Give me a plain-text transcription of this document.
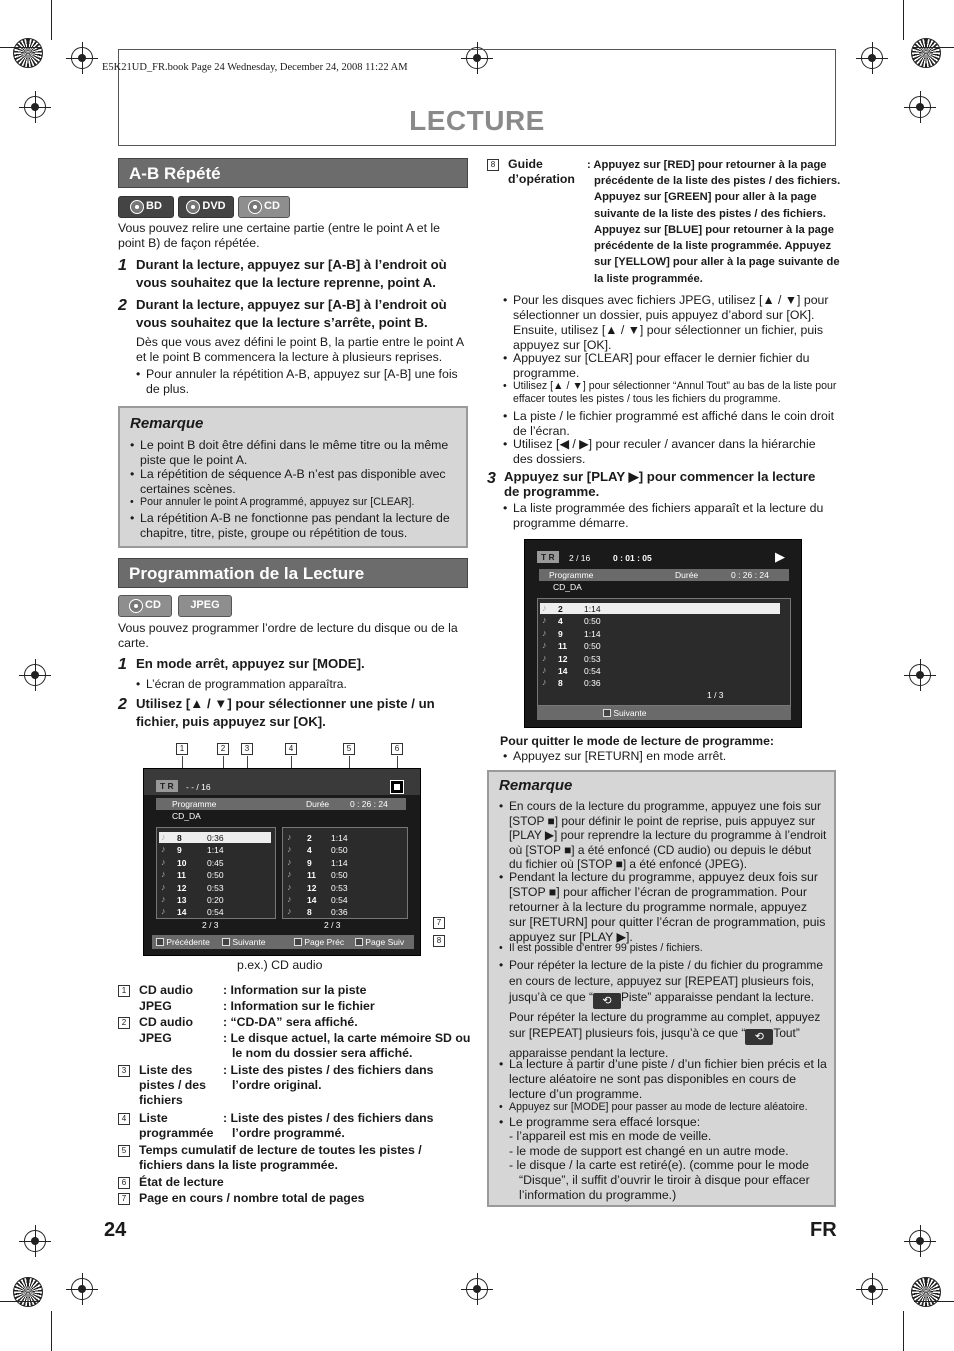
E5K21UD_FR.book Page 24 Wednesday, December 24, 2008 11:22 AM
LECTURE
A-B Répété
BD	DVD	CD
Vous pouvez relire une certaine partie (entre le point A et le point B) de façon répétée.
1 Durant la lecture, appuyez sur [A-B] à l’endroit où vous souhaitez que la lecture reprenne, point A.
2 Durant la lecture, appuyez sur [A-B] à l’endroit où vous souhaitez que la lecture s’arrête, point B.
Dès que vous avez défini le point B, la partie entre le point A et le point B commencera la lecture à plusieurs reprises.
• Pour annuler la répétition A-B, appuyez sur [A-B] une fois de plus.
Remarque
• Le point B doit être défini dans le même titre ou la même piste que le point A.
• La répétition de séquence A-B n’est pas disponible avec certaines scènes.
• Pour annuler le point A programmé, appuyez sur [CLEAR].
• La répétition A-B ne fonctionne pas pendant la lecture de chapitre, titre, piste, groupe ou répétition de tous.
Programmation de la Lecture
CD	JPEG
Vous pouvez programmer l’ordre de lecture du disque ou de la carte.
1 En mode arrêt, appuyez sur [MODE].
• L’écran de programmation apparaîtra.
2 Utilisez [▲ / ▼] pour sélectionner une piste / un fichier, puis appuyez sur [OK].
1	2	3	4	5	6
7
8
T R	- - / 16
Programme	Durée 0 : 26 : 24
CD_DA
♪ 8	0:36
♪ 9	1:14
♪ 10 0:45
♪ 11 0:50
♪ 12 0:53
♪ 13 0:20
♪ 14 0:54
♪ 2 1:14
♪ 4 0:50
♪ 9 1:14
♪ 11 0:50
♪ 12 0:53
♪ 14 0:54
♪ 8 0:36
2 / 3	2 / 3
Précédente	Suivante	Page Préc	Page Suiv
p.ex.) CD audio
1 CD audio : Information sur la piste
JPEG	: Information sur le fichier
2 CD audio : “CD-DA” sera affiché.
JPEG	: Le disque actuel, la carte mémoire SD ou le nom du dossier sera affiché.
3 Liste des pistes / des fichiers
: Liste des pistes / des fichiers dans l’ordre original.
4 Liste programmée
: Liste des pistes / des fichiers dans l’ordre programmé.
5 Temps cumulatif de lecture de toutes les pistes / fichiers dans la liste programmée.
6 État de lecture
7 Page en cours / nombre total de pages
8 Guide d’opération
: Appuyez sur [RED] pour retourner à la page précédente de la liste des pistes / des fichiers. Appuyez sur [GREEN] pour aller à la page suivante de la liste des pistes / des fichiers. Appuyez sur [BLUE] pour retourner à la page précédente de la liste programmée. Appuyez sur [YELLOW] pour aller à la page suivante de la liste programmée.
• Pour les disques avec fichiers JPEG, utilisez [▲ / ▼] pour sélectionner un dossier, puis appuyez d’abord sur [OK]. Ensuite, utilisez [▲ / ▼] pour sélectionner un fichier, puis appuyez sur [OK].
• Appuyez sur [CLEAR] pour effacer le dernier fichier du programme.
• Utilisez [▲ / ▼] pour sélectionner “Annul Tout” au bas de la liste pour effacer toutes les pistes / tous les fichiers du programme.
• La piste / le fichier programmé est affiché dans le coin droit de l’écran.
• Utilisez [◀ / ▶] pour reculer / avancer dans la hiérarchie des dossiers.
3 Appuyez sur [PLAY ▶] pour commencer la lecture de programme.
• La liste programmée des fichiers apparaît et la lecture du programme démarre.
T R	2 / 16	0 : 01 : 05	▶
Programme	Durée	0 : 26 : 24
CD_DA
♪ 2	1:14
♪ 4	0:50
♪ 9	1:14
♪ 11 0:50
♪ 12 0:53
♪ 14 0:54
♪ 8	0:36
1 / 3
Suivante
Pour quitter le mode de lecture de programme:
• Appuyez sur [RETURN] en mode arrêt.
Remarque
• En cours de la lecture du programme, appuyez une fois sur [STOP ■] pour définir le point de reprise, puis appuyez sur [PLAY ▶] pour reprendre la lecture du programme à l’endroit où [STOP ■] a été enfoncé (CD audio) ou depuis le début du fichier où [STOP ■] a été enfoncé (JPEG).
• Pendant la lecture du programme, appuyez deux fois sur [STOP ■] pour afficher l’écran de programmation. Pour retourner à la lecture du programme normale, appuyez sur [RETURN] pour quitter l’écran de programmation, puis appuyez sur [PLAY ▶].
• Il est possible d’entrer 99 pistes / fichiers.
• Pour répéter la lecture de la piste / du fichier du programme en cours de lecture, appuyez sur [REPEAT] plusieurs fois, jusqu’à ce que “ ⟲ Piste” apparaisse pendant la lecture. Pour répéter la lecture du programme au complet, appuyez sur [REPEAT] plusieurs fois, jusqu’à ce que “ ⟲ Tout” apparaisse pendant la lecture.
• La lecture à partir d’une piste / d’un fichier bien précis et la lecture aléatoire ne sont pas disponibles en cours de lecture d’un programme.
• Appuyez sur [MODE] pour passer au mode de lecture aléatoire.
• Le programme sera effacé lorsque:
- l’appareil est mis en mode de veille.
- le mode de support est changé en un autre mode.
- le disque / la carte est retiré(e). (comme pour le mode “Disque”, il suffit d’ouvrir le tiroir à disque pour effacer l’information du programme.)
24	FR
